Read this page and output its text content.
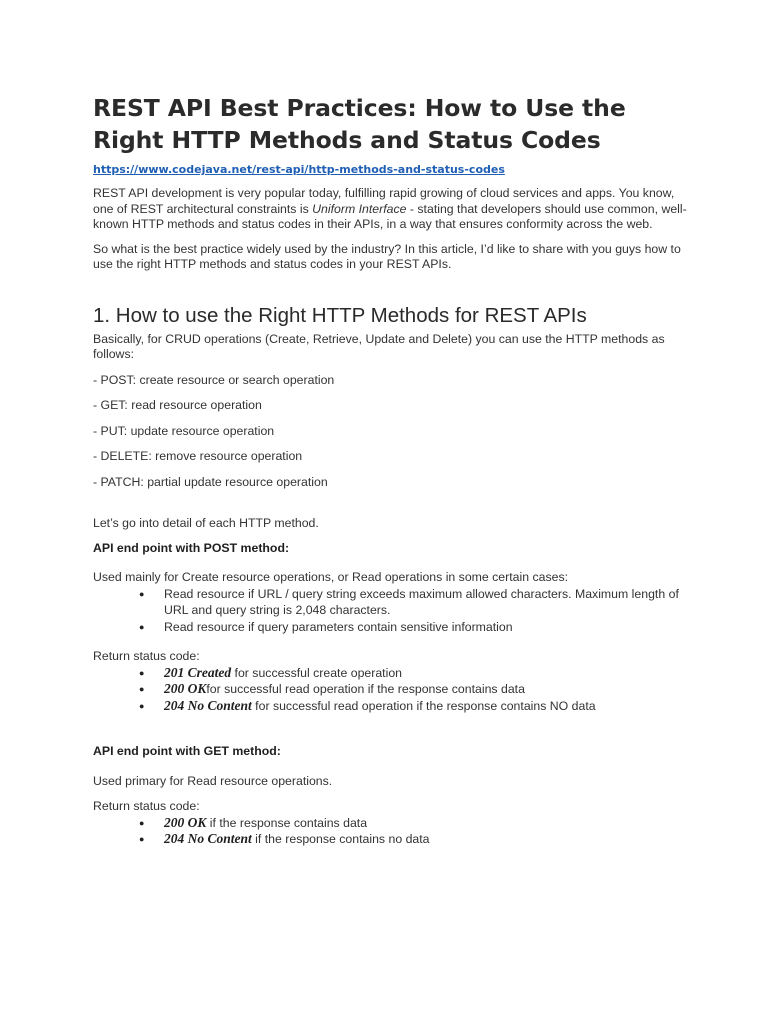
REST API Best Practices: How to Use the Right HTTP Methods and Status Codes
https://www.codejava.net/rest-api/http-methods-and-status-codes

REST API development is very popular today, fulfilling rapid growing of cloud services and apps. You know, one of REST architectural constraints is Uniform Interface - stating that developers should use common, well-known HTTP methods and status codes in their APIs, in a way that ensures conformity across the web.

So what is the best practice widely used by the industry? In this article, I’d like to share with you guys how to use the right HTTP methods and status codes in your REST APIs.

1. How to use the Right HTTP Methods for REST APIs

Basically, for CRUD operations (Create, Retrieve, Update and Delete) you can use the HTTP methods as follows:

- POST: create resource or search operation

- GET: read resource operation

- PUT: update resource operation

- DELETE: remove resource operation

- PATCH: partial update resource operation

Let’s go into detail of each HTTP method.

API end point with POST method:

Used mainly for Create resource operations, or Read operations in some certain cases:

● Read resource if URL / query string exceeds maximum allowed characters. Maximum length of URL and query string is 2,048 characters.
● Read resource if query parameters contain sensitive information

Return status code:

● 201 Created for successful create operation
● 200 OKfor successful read operation if the response contains data
● 204 No Content for successful read operation if the response contains NO data

API end point with GET method:

Used primary for Read resource operations.

Return status code:

● 200 OK if the response contains data
● 204 No Content if the response contains no data
